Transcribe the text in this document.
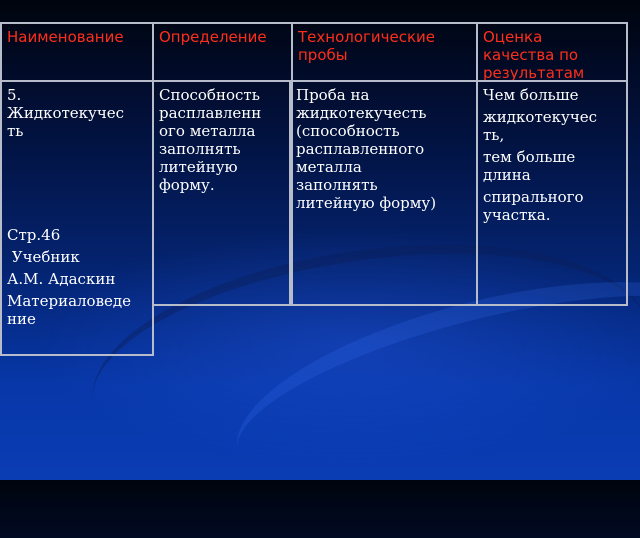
Наименование	Определение	Технологические пробы
Оценка качества по результатам
5.
Жидкотекучес
ть
Стр.46
Учебник
А.М. Адаскин
Материаловеде
ние
Способность
расплавленн
ого металла
заполнять
литейную
форму.
Проба на
жидкотекучесть
(способность
расплавленного
металла
заполнять
литейную форму)
Чем больше
жидкотекучес
ть,
тем больше
длина
спирального
участка.
